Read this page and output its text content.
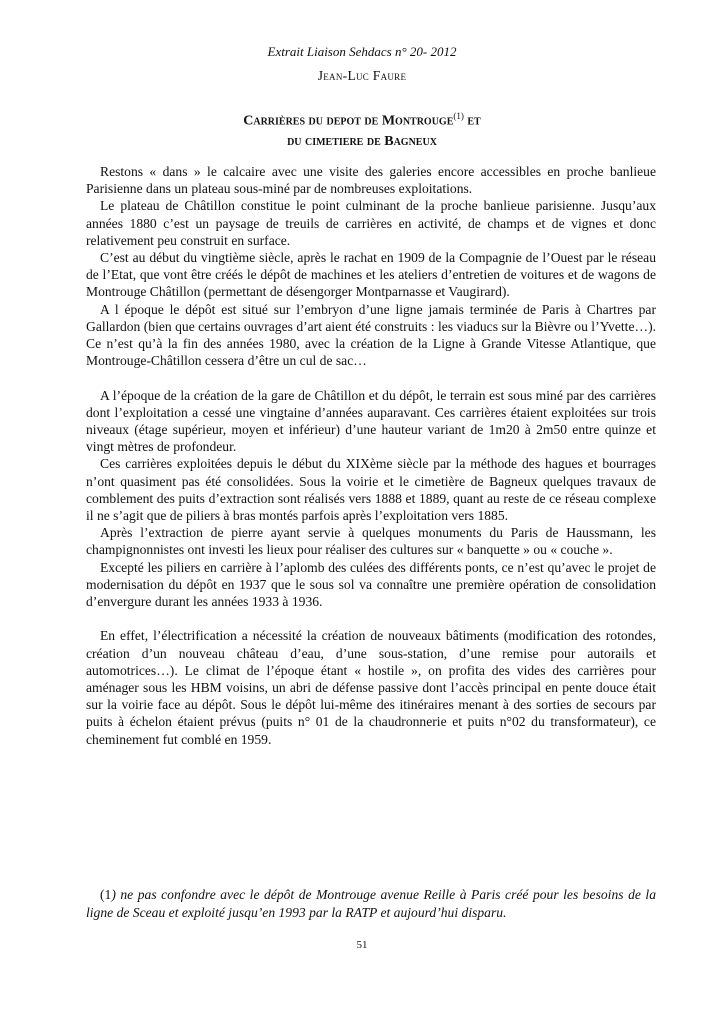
Extrait Liaison Sehdacs n° 20- 2012
Jean-Luc Faure
Carrières du depot de Montrouge$^{(1)}$ et
du cimetiere de Bagneux

Restons « dans » le calcaire avec une visite des galeries encore accessibles en proche banlieue Parisienne dans un plateau sous-miné par de nombreuses exploitations.

Le plateau de Châtillon constitue le point culminant de la proche banlieue parisienne. Jusqu’aux années 1880 c’est un paysage de treuils de carrières en activité, de champs et de vignes et donc relativement peu construit en surface.

C’est au début du vingtième siècle, après le rachat en 1909 de la Compagnie de l’Ouest par le réseau de l’Etat, que vont être créés le dépôt de machines et les ateliers d’entretien de voitures et de wagons de Montrouge Châtillon (permettant de désengorger Montparnasse et Vaugirard).

A l époque le dépôt est situé sur l’embryon d’une ligne jamais terminée de Paris à Chartres par Gallardon (bien que certains ouvrages d’art aient été construits : les viaducs sur la Bièvre ou l’Yvette…). Ce n’est qu’à la fin des années 1980, avec la création de la Ligne à Grande Vitesse Atlantique, que Montrouge-Châtillon cessera d’être un cul de sac…

A l’époque de la création de la gare de Châtillon et du dépôt, le terrain est sous miné par des carrières dont l’exploitation a cessé une vingtaine d’années auparavant. Ces carrières étaient exploitées sur trois niveaux (étage supérieur, moyen et inférieur) d’une hauteur variant de 1m20 à 2m50 entre quinze et vingt mètres de profondeur.

Ces carrières exploitées depuis le début du XIXème siècle par la méthode des hagues et bourrages n’ont quasiment pas été consolidées. Sous la voirie et le cimetière de Bagneux quelques travaux de comblement des puits d’extraction sont réalisés vers 1888 et 1889, quant au reste de ce réseau complexe il ne s’agit que de piliers à bras montés parfois après l’exploitation vers 1885.

Après l’extraction de pierre ayant servie à quelques monuments du Paris de Haussmann, les champignonnistes ont investi les lieux pour réaliser des cultures sur « banquette » ou « couche ».

Excepté les piliers en carrière à l’aplomb des culées des différents ponts, ce n’est qu’avec le projet de modernisation du dépôt en 1937 que le sous sol va connaître une première opération de consolidation d’envergure durant les années 1933 à 1936.

En effet, l’électrification a nécessité la création de nouveaux bâtiments (modification des rotondes, création d’un nouveau château d’eau, d’une sous-station, d’une remise pour autorails et automotrices…). Le climat de l’époque étant « hostile », on profita des vides des carrières pour aménager sous les HBM voisins, un abri de défense passive dont l’accès principal en pente douce était sur la voirie face au dépôt. Sous le dépôt lui-même des itinéraires menant à des sorties de secours par puits à échelon étaient prévus (puits n° 01 de la chaudronnerie et puits n°02 du transformateur), ce cheminement fut comblé en 1959.

(1) ne pas confondre avec le dépôt de Montrouge avenue Reille à Paris créé pour les besoins de la ligne de Sceau et exploité jusqu’en 1993 par la RATP et aujourd’hui disparu.

51
